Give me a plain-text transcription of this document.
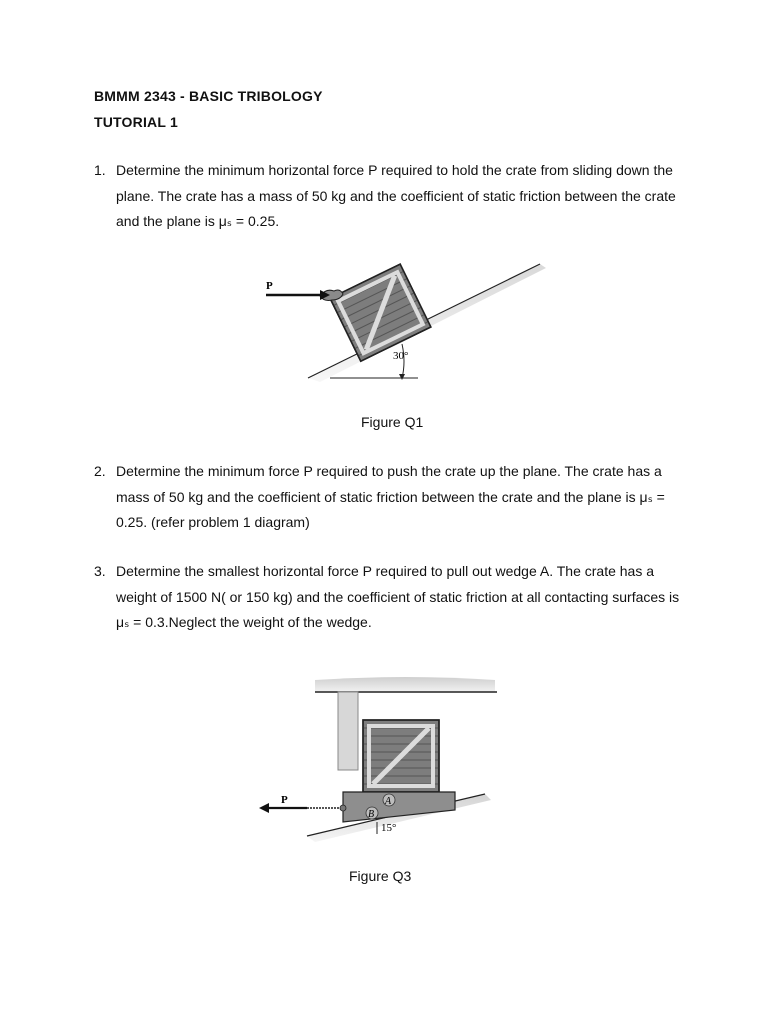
BMMM 2343 - BASIC TRIBOLOGY
TUTORIAL 1
1. Determine the minimum horizontal force P required to hold the crate from sliding down the plane. The crate has a mass of 50 kg and the coefficient of static friction between the crate and the plane is μₛ = 0.25.
P
30°
Figure Q1
2. Determine the minimum force P required to push the crate up the plane. The crate has a mass of 50 kg and the coefficient of static friction between the crate and the plane is μₛ = 0.25. (refer problem 1 diagram)
3. Determine the smallest horizontal force P required to pull out wedge A. The crate has a weight of 1500 N( or 150 kg) and the coefficient of static friction at all contacting surfaces is μₛ = 0.3.Neglect the weight of the wedge.
A
B
P
15°
Figure Q3
